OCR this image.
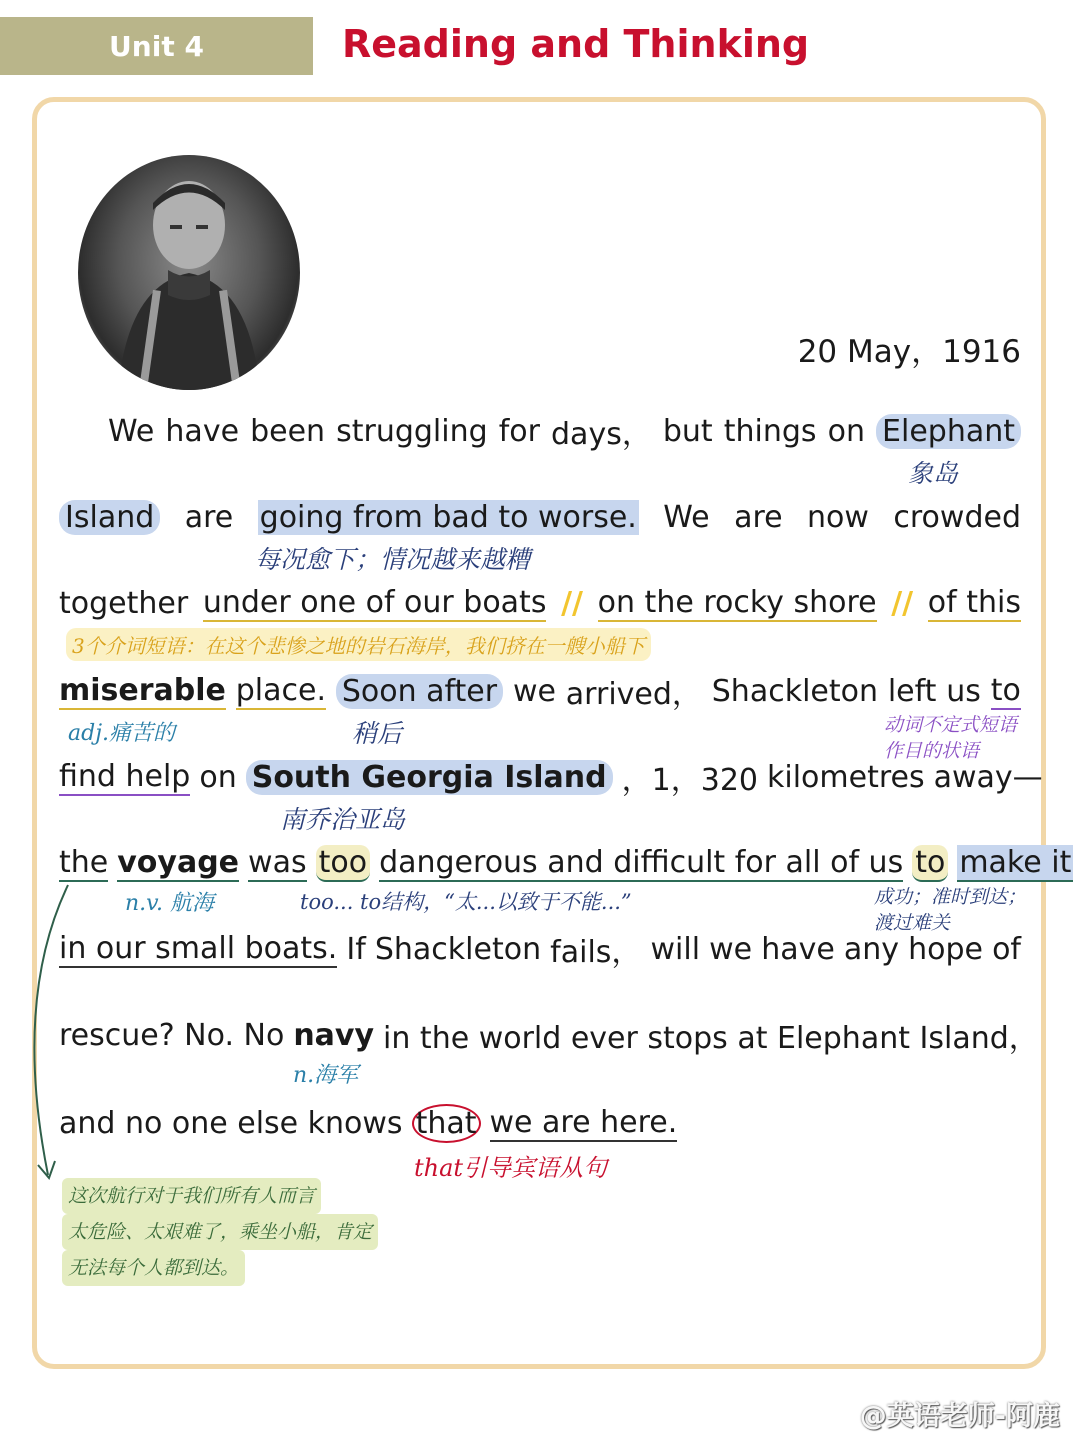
Unit 4	Reading and Thinking
20 May，1916
We have been struggling for days， but things on Elephant
象岛
Island are going from bad to worse. We are now crowded
每况愈下；情况越来越糟
together under one of our boats // on the rocky shore // of this
3个介词短语：在这个悲惨之地的岩石海岸，我们挤在一艘小船下
miserable place. Soon after we arrived， Shackleton left us to
adj.痛苦的	稍后	动词不定式短语
作目的状语
find help on South Georgia Island ，1，320 kilometres away—
南乔治亚岛
the voyage was too dangerous and difficult for all of us to make it
n.v. 航海	too... to结构，“太...以致于不能...”	成功；准时到达；
渡过难关
in our small boats. If Shackleton fails， will we have any hope of
rescue? No. No navy in the world ever stops at Elephant Island，
n.海军
and no one else knows that we are here.
that引导宾语从句
这次航行对于我们所有人而言
太危险、太艰难了，乘坐小船，肯定
无法每个人都到达。
@英语老师-阿鹿
